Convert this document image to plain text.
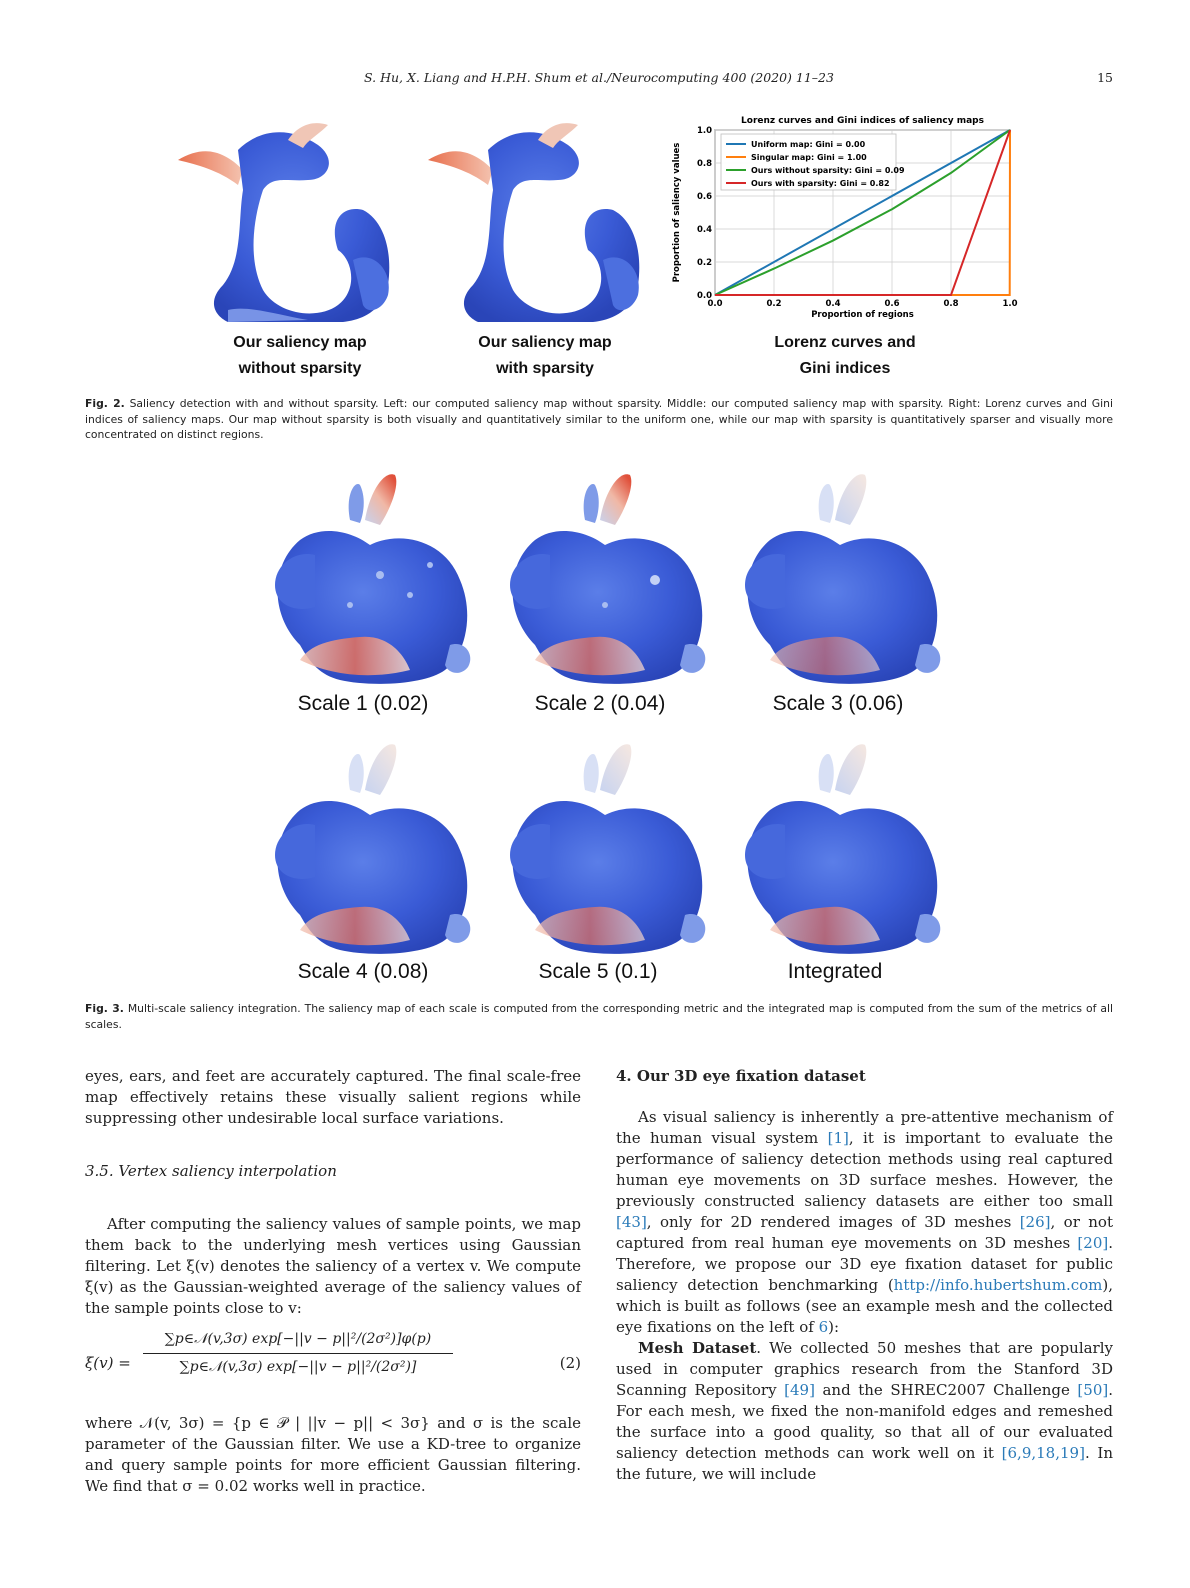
S. Hu, X. Liang and H.P.H. Shum et al./Neurocomputing 400 (2020) 11–23	15
Lorenz curves and Gini indices of saliency maps
0.0	0.2	0.4	0.6	0.8	1.0
0.0
0.2
0.4
0.6
0.8
1.0
Proportion of regions
Proportion of saliency values	Uniform map: Gini = 0.00
Singular map: Gini = 1.00
Ours without sparsity: Gini = 0.09
Ours with sparsity: Gini = 0.82
Our saliency map
without sparsity
Our saliency map
with sparsity
Lorenz curves and
Gini indices
Fig. 2. Saliency detection with and without sparsity. Left: our computed saliency map without sparsity. Middle: our computed saliency map with sparsity. Right: Lorenz curves and Gini indices of saliency maps. Our map without sparsity is both visually and quantitatively similar to the uniform one, while our map with sparsity is quantitatively sparser and visually more concentrated on distinct regions.
Scale 1 (0.02)	Scale 2 (0.04)	Scale 3 (0.06)
Scale 4 (0.08)	Scale 5 (0.1)	Integrated
Fig. 3. Multi-scale saliency integration. The saliency map of each scale is computed from the corresponding metric and the integrated map is computed from the sum of the metrics of all scales.

eyes, ears, and feet are accurately captured. The final scale-free map effectively retains these visually salient regions while suppressing other undesirable local surface variations.

3.5. Vertex saliency interpolation

After computing the saliency values of sample points, we map them back to the underlying mesh vertices using Gaussian filtering. Let ξ(v) denotes the saliency of a vertex v. We compute ξ(v) as the Gaussian-weighted average of the saliency values of the sample points close to v:

ξ(v) =
∑p∈𝒩(v,3σ) exp[−||v − p||²/(2σ²)]φ(p)
∑p∈𝒩(v,3σ) exp[−||v − p||²/(2σ²)]	(2)

where 𝒩(v, 3σ) = {p ∈ 𝒫 | ||v − p|| < 3σ} and σ is the scale parameter of the Gaussian filter. We use a KD-tree to organize and query sample points for more efficient Gaussian filtering. We find that σ = 0.02 works well in practice.

4. Our 3D eye fixation dataset

As visual saliency is inherently a pre-attentive mechanism of the human visual system [1], it is important to evaluate the performance of saliency detection methods using real captured human eye movements on 3D surface meshes. However, the previously constructed saliency datasets are either too small [43], only for 2D rendered images of 3D meshes [26], or not captured from real human eye movements on 3D meshes [20]. Therefore, we propose our 3D eye fixation dataset for public saliency detection benchmarking (http://info.hubertshum.com), which is built as follows (see an example mesh and the collected eye fixations on the left of 6):

Mesh Dataset. We collected 50 meshes that are popularly used in computer graphics research from the Stanford 3D Scanning Repository [49] and the SHREC2007 Challenge [50]. For each mesh, we fixed the non-manifold edges and remeshed the surface into a good quality, so that all of our evaluated saliency detection methods can work well on it [6,9,18,19]. In the future, we will include
